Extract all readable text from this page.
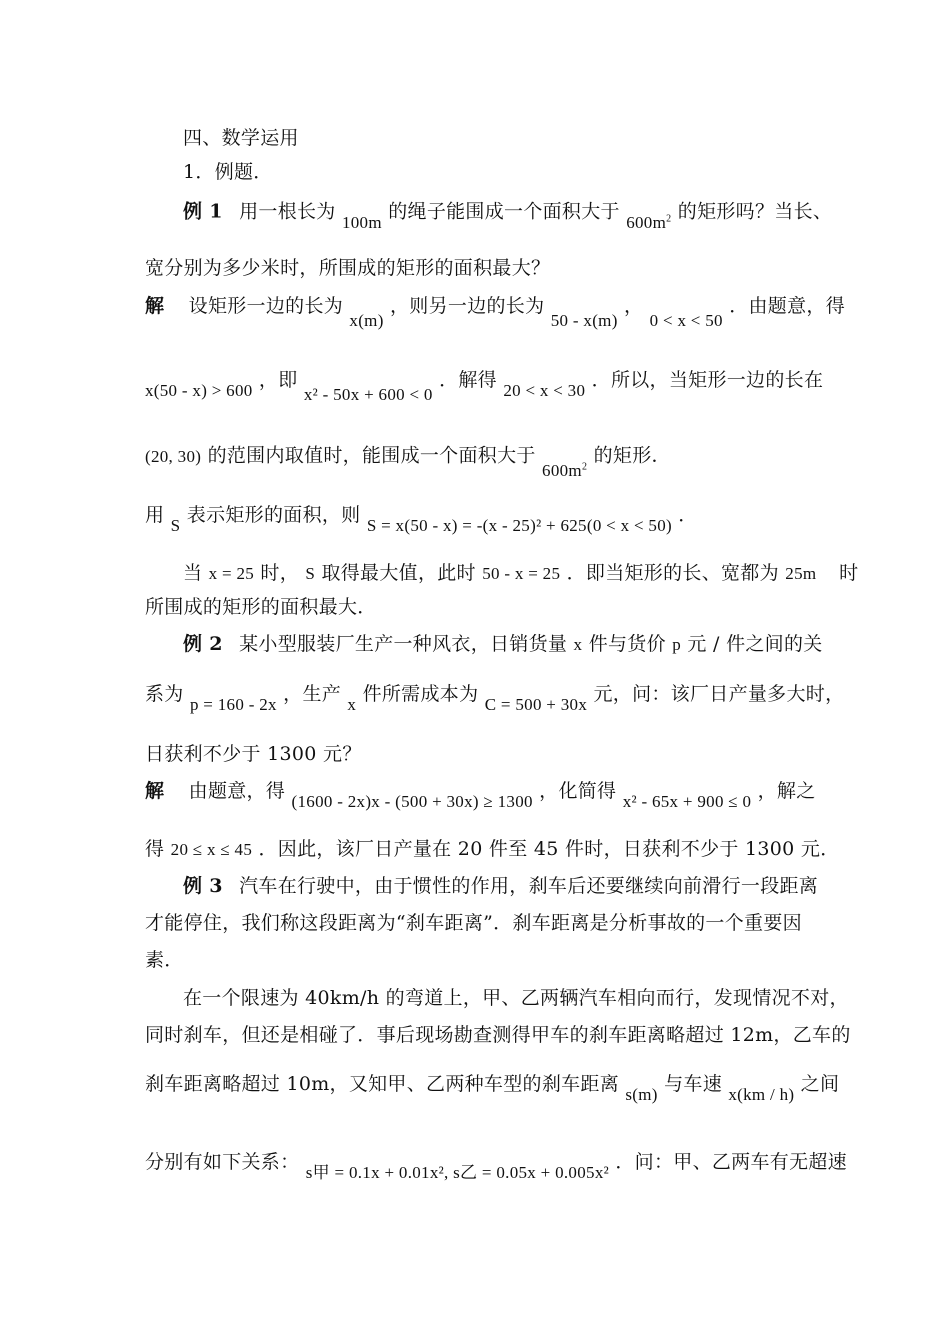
四、数学运用
1．例题．
例 1 用一根长为 100m 的绳子能围成一个面积大于 $600m^2$ 的矩形吗？当长、
宽分别为多少米时，所围成的矩形的面积最大？
解 设矩形一边的长为 x(m) ，则另一边的长为 50 - x(m) ， 0 < x < 50 ．由题意，得
x(50 - x) > 600 ，即 x² - 50x + 600 < 0 ．解得 20 < x < 30 ．所以，当矩形一边的长在
(20, 30) 的范围内取值时，能围成一个面积大于 $600m^2$ 的矩形．
用 S 表示矩形的面积，则 S = x(50 - x) = -(x - 25)² + 625(0 < x < 50) ．
当 x = 25 时， S 取得最大值，此时 50 - x = 25 ．即当矩形的长、宽都为 25m 时
所围成的矩形的面积最大．
例 2 某小型服装厂生产一种风衣，日销货量 x 件与货价 p 元 / 件之间的关
系为 p = 160 - 2x ，生产 x 件所需成本为 C = 500 + 30x 元，问：该厂日产量多大时，
日获利不少于 1300 元？
解 由题意，得 (1600 - 2x)x - (500 + 30x) ≥ 1300 ，化简得 x² - 65x + 900 ≤ 0 ，解之
得 20 ≤ x ≤ 45 ．因此，该厂日产量在 20 件至 45 件时，日获利不少于 1300 元．
例 3 汽车在行驶中，由于惯性的作用，刹车后还要继续向前滑行一段距离
才能停住，我们称这段距离为“刹车距离”．刹车距离是分析事故的一个重要因
素．
在一个限速为 40km/h 的弯道上，甲、乙两辆汽车相向而行，发现情况不对，
同时刹车，但还是相碰了．事后现场勘查测得甲车的刹车距离略超过 12m，乙车的
刹车距离略超过 10m，又知甲、乙两种车型的刹车距离 s(m) 与车速 x(km / h) 之间
分别有如下关系： s甲 = 0.1x + 0.01x², s乙 = 0.05x + 0.005x² ．问：甲、乙两车有无超速
